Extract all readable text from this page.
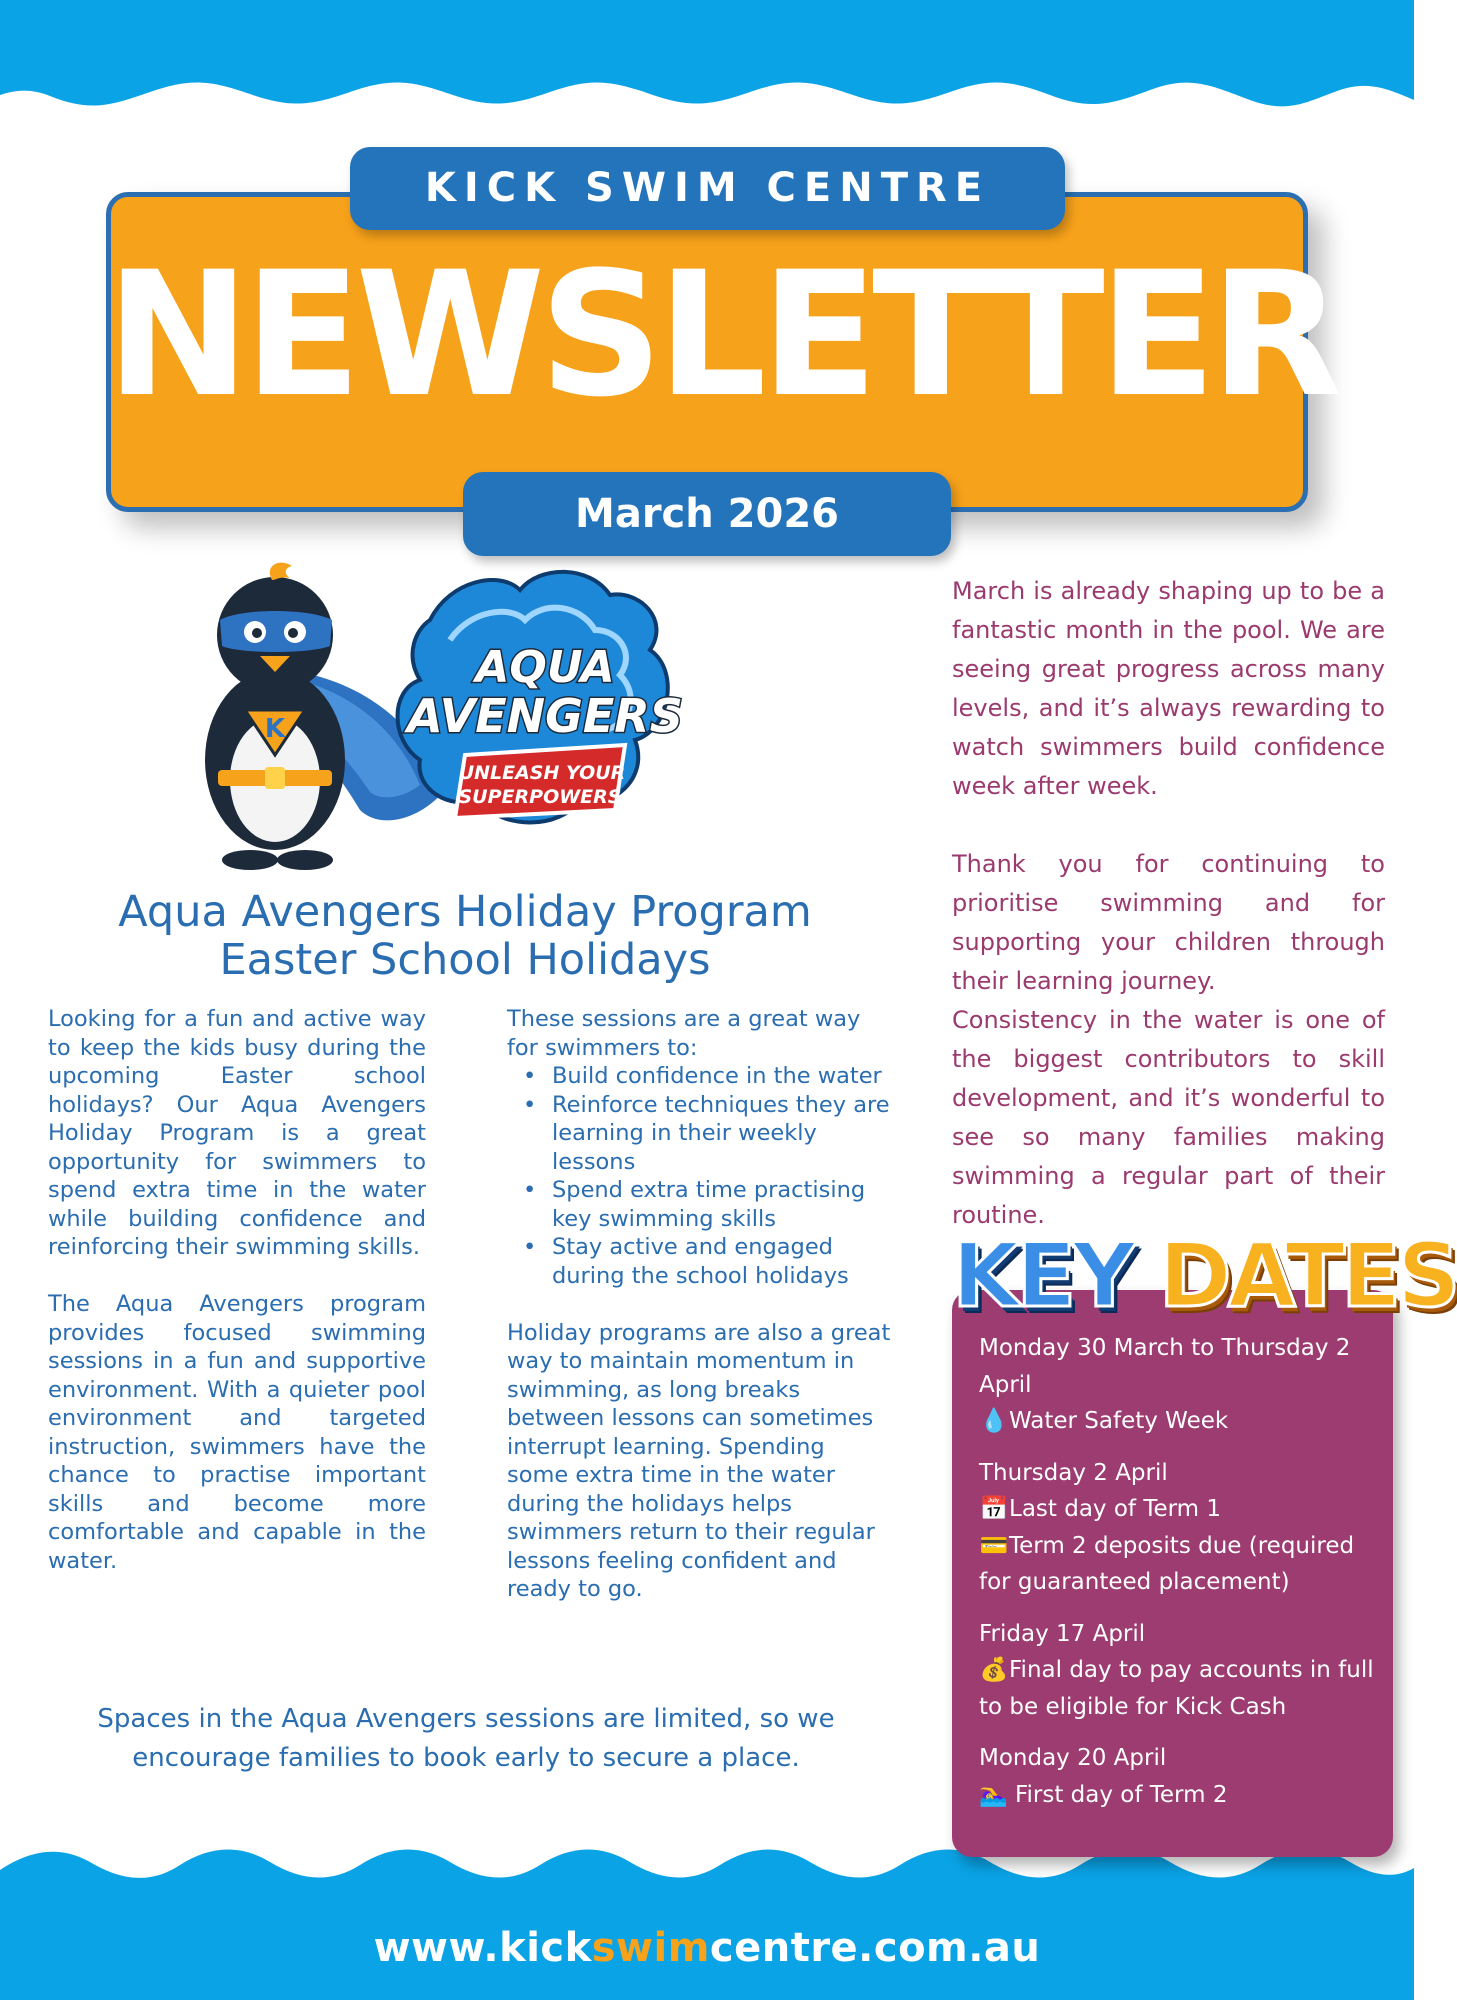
NEWSLETTER
KICK SWIM CENTRE
March 2026
K
AQUA
AVENGERS
UNLEASH YOUR
SUPERPOWERS
Aqua Avengers Holiday Program
Easter School Holidays

Looking for a fun and active way to keep the kids busy during the upcoming Easter school holidays? Our Aqua Avengers Holiday Program is a great opportunity for swimmers to spend extra time in the water while building confidence and reinforcing their swimming skills.

The Aqua Avengers program provides focused swimming sessions in a fun and supportive environment. With a quieter pool environment and targeted instruction, swimmers have the chance to practise important skills and become more comfortable and capable in the water.

These sessions are a great way for swimmers to:
• Build confidence in the water
• Reinforce techniques they are learning in their weekly lessons
• Spend extra time practising key swimming skills
• Stay active and engaged during the school holidays

Holiday programs are also a great way to maintain momentum in swimming, as long breaks between lessons can sometimes interrupt learning. Spending some extra time in the water during the holidays helps swimmers return to their regular lessons feeling confident and ready to go.

Spaces in the Aqua Avengers sessions are limited, so we encourage families to book early to secure a place.

March is already shaping up to be a fantastic month in the pool. We are seeing great progress across many levels, and it’s always rewarding to watch swimmers build confidence week after week.

Thank you for continuing to prioritise swimming and for supporting your children through their learning journey.

Consistency in the water is one of the biggest contributors to skill development, and it’s wonderful to see so many families making swimming a regular part of their routine.

KEY DATES
Monday 30 March to Thursday 2 April
💧Water Safety Week
Thursday 2 April
📅Last day of Term 1
💳Term 2 deposits due (required for guaranteed placement)
Friday 17 April
💰Final day to pay accounts in full to be eligible for Kick Cash
Monday 20 April
🏊‍♀️ First day of Term 2
www.kickswimcentre.com.au
